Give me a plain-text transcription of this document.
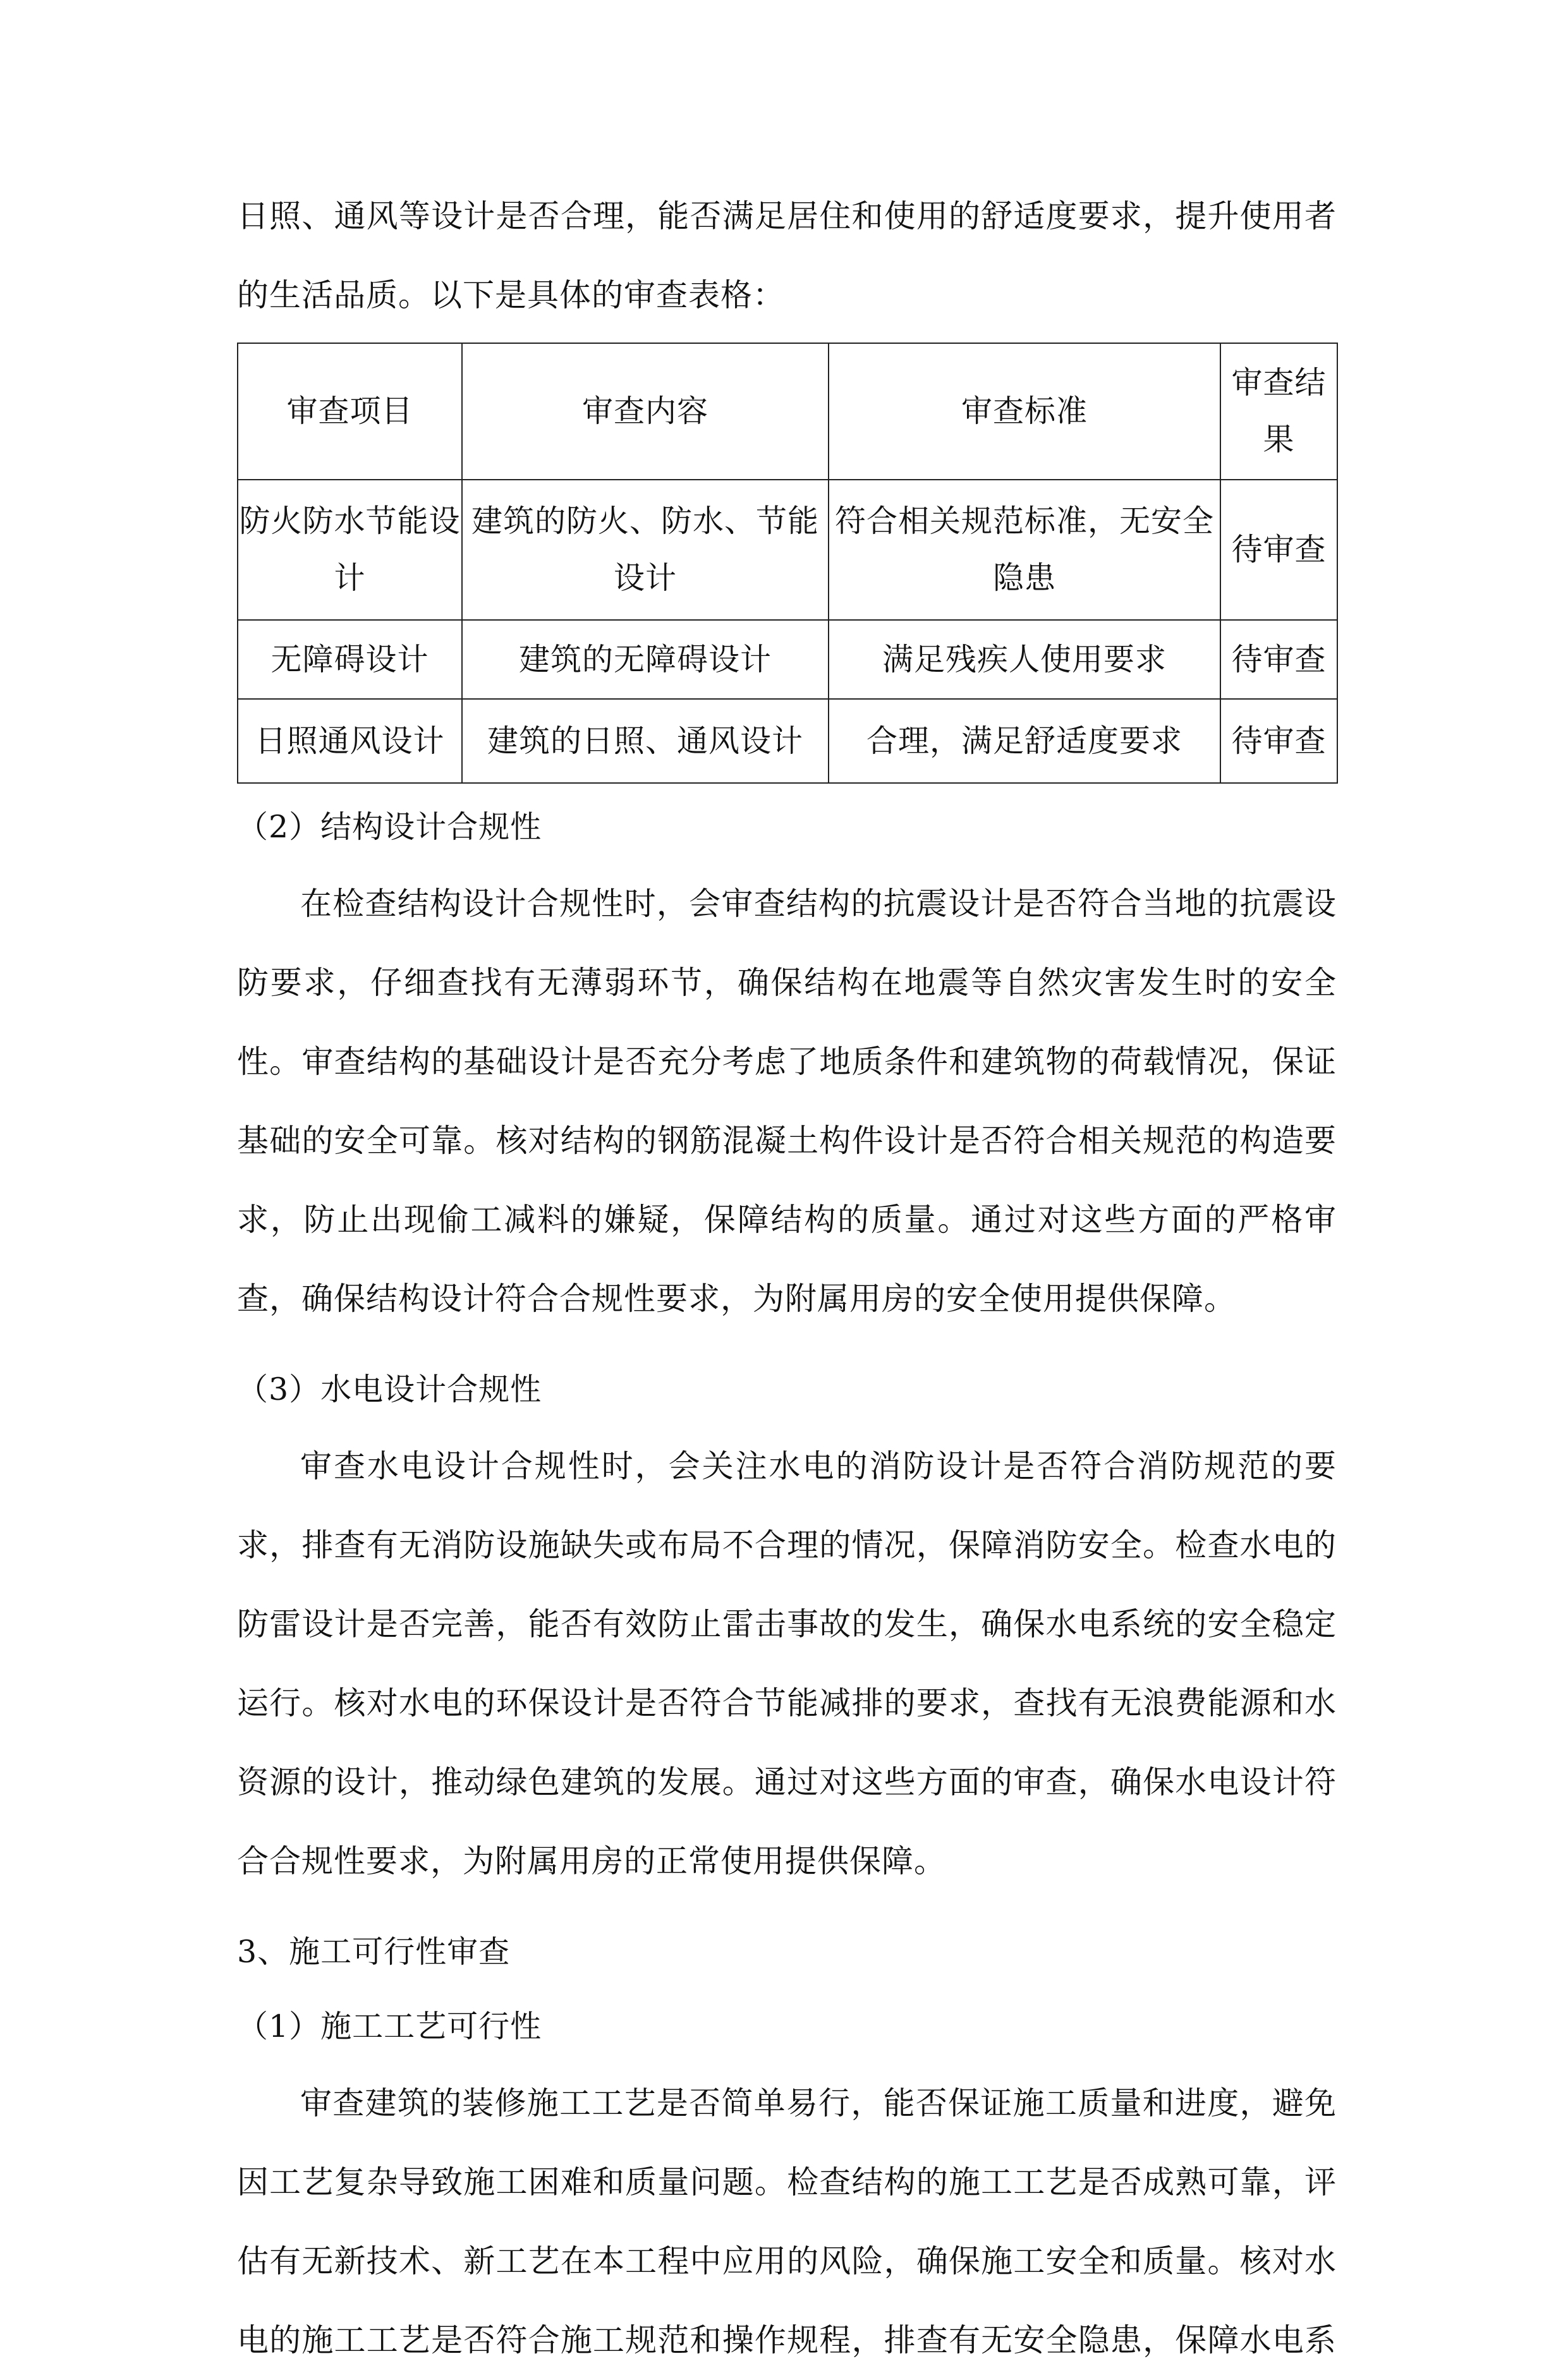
日照、通风等设计是否合理，能否满足居住和使用的舒适度要求，提升使用者

的生活品质。以下是具体的审查表格：

审查项目	审查内容	审查标准	审查结果
防火防水节能设计	建筑的防火、防水、节能设计	符合相关规范标准，无安全隐患	待审查
无障碍设计	建筑的无障碍设计	满足残疾人使用要求	待审查
日照通风设计	建筑的日照、通风设计	合理，满足舒适度要求	待审查

（2）结构设计合规性

在检查结构设计合规性时，会审查结构的抗震设计是否符合当地的抗震设防要求，仔细查找有无薄弱环节，确保结构在地震等自然灾害发生时的安全性。审查结构的基础设计是否充分考虑了地质条件和建筑物的荷载情况，保证基础的安全可靠。核对结构的钢筋混凝土构件设计是否符合相关规范的构造要求，防止出现偷工减料的嫌疑，保障结构的质量。通过对这些方面的严格审查，确保结构设计符合合规性要求，为附属用房的安全使用提供保障。

（3）水电设计合规性

审查水电设计合规性时，会关注水电的消防设计是否符合消防规范的要求，排查有无消防设施缺失或布局不合理的情况，保障消防安全。检查水电的防雷设计是否完善，能否有效防止雷击事故的发生，确保水电系统的安全稳定运行。核对水电的环保设计是否符合节能减排的要求，查找有无浪费能源和水资源的设计，推动绿色建筑的发展。通过对这些方面的审查，确保水电设计符合合规性要求，为附属用房的正常使用提供保障。

3、施工可行性审查

（1）施工工艺可行性

审查建筑的装修施工工艺是否简单易行，能否保证施工质量和进度，避免因工艺复杂导致施工困难和质量问题。检查结构的施工工艺是否成熟可靠，评估有无新技术、新工艺在本工程中应用的风险，确保施工安全和质量。核对水电的施工工艺是否符合施工规范和操作规程，排查有无安全隐患，保障水电系
